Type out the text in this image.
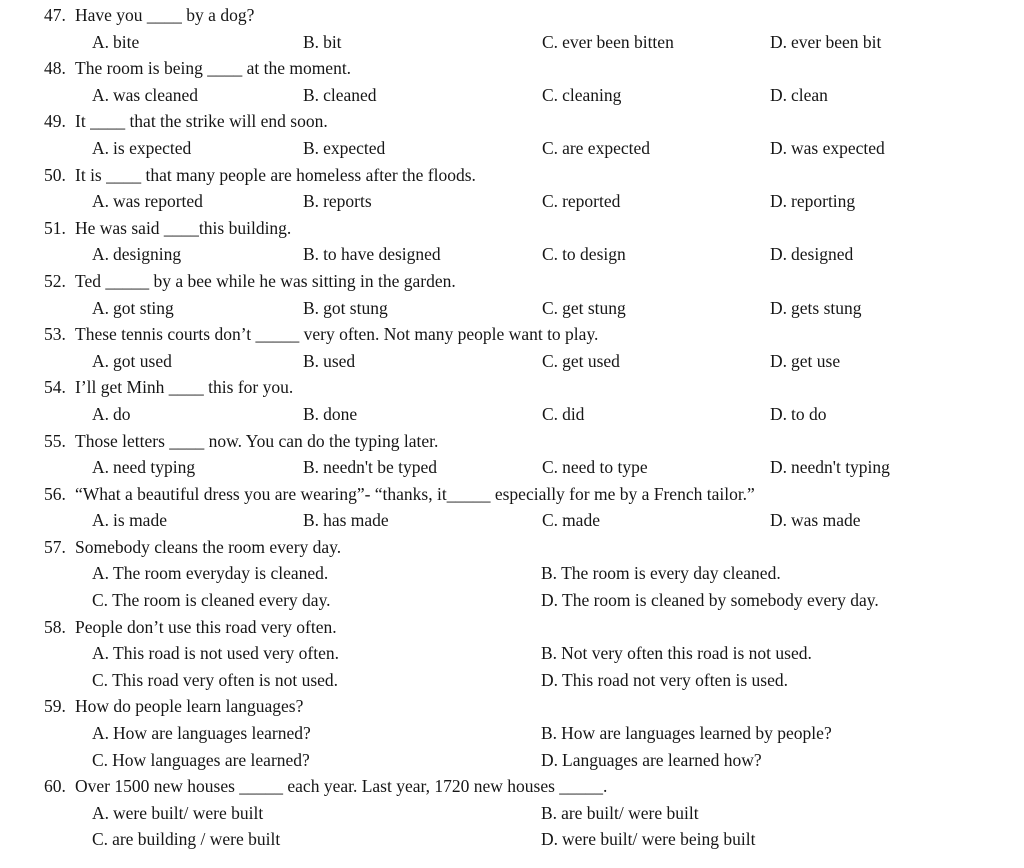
47. Have you ____ by a dog?
A. bite	B. bit	C. ever been bitten	D. ever been bit
48. The room is being ____ at the moment.
A. was cleaned	B. cleaned	C. cleaning	D. clean
49. It ____ that the strike will end soon.
A. is expected	B. expected	C. are expected	D. was expected
50. It is ____ that many people are homeless after the floods.
A. was reported	B. reports	C. reported	D. reporting
51. He was said ____this building.
A. designing	B. to have designed	C. to design	D. designed
52. Ted _____ by a bee while he was sitting in the garden.
A. got sting	B. got stung	C. get stung	D. gets stung
53. These tennis courts don’t _____ very often. Not many people want to play.
A. got used	B. used	C. get used	D. get use
54. I’ll get Minh ____ this for you.
A. do	B. done	C. did	D. to do
55. Those letters ____ now. You can do the typing later.
A. need typing	B. needn't be typed	C. need to type	D. needn't typing
56. “What a beautiful dress you are wearing”- “thanks, it_____ especially for me by a French tailor.”
A. is made	B. has made	C. made	D. was made
57. Somebody cleans the room every day.
A. The room everyday is cleaned.	B. The room is every day cleaned.
C. The room is cleaned every day.	D. The room is cleaned by somebody every day.
58. People don’t use this road very often.
A. This road is not used very often.	B. Not very often this road is not used.
C. This road very often is not used.	D. This road not very often is used.
59. How do people learn languages?
A. How are languages learned?	B. How are languages learned by people?
C. How languages are learned?	D. Languages are learned how?
60. Over 1500 new houses _____ each year. Last year, 1720 new houses _____.
A. were built/ were built	B. are built/ were built
C. are building / were built	D. were built/ were being built
